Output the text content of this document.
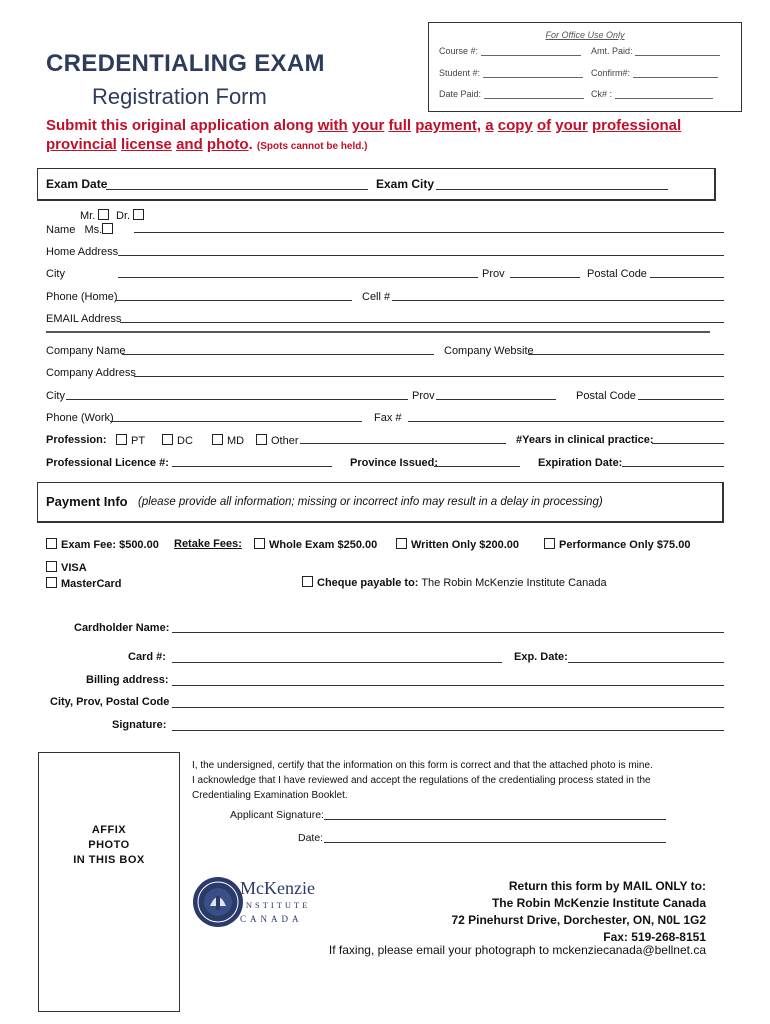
For Office Use Only
Course #:	Amt. Paid:
Student #:	Confirm#:
Date Paid:	Ck# :
CREDENTIALING EXAM
Registration Form
Submit this original application along with your full payment, a copy of your professional
provincial license and photo. (Spots cannot be held.)
Exam Date	Exam City
Mr.	Dr.
Name Ms.
Home Address
City	Prov	Postal Code
Phone (Home)	Cell #
EMAIL Address
Company Name	Company Website
Company Address
City	Prov	Postal Code
Phone (Work)	Fax #
Profession:	PT	DC	MD	Other	#Years in clinical practice:
Professional Licence #:	Province Issued:	Expiration Date:
Payment Info (please provide all information; missing or incorrect info may result in a delay in processing)
Exam Fee: $500.00 Retake Fees:	Whole Exam $250.00	Written Only $200.00	Performance Only $75.00
VISA
MasterCard	Cheque payable to: The Robin McKenzie Institute Canada
Cardholder Name:
Card #:	Exp. Date:
Billing address:
City, Prov, Postal Code
Signature:
AFFIX
PHOTO
IN THIS BOX
I, the undersigned, certify that the information on this form is correct and that the attached photo is mine.
I acknowledge that I have reviewed and accept the regulations of the credentialing process stated in the
Credentialing Examination Booklet.
Applicant Signature:
Date:
McKenzie
INSTITUTE
CANADA
Return this form by MAIL ONLY to:
The Robin McKenzie Institute Canada
72 Pinehurst Drive, Dorchester, ON, N0L 1G2
Fax: 519-268-8151
If faxing, please email your photograph to mckenziecanada@bellnet.ca
